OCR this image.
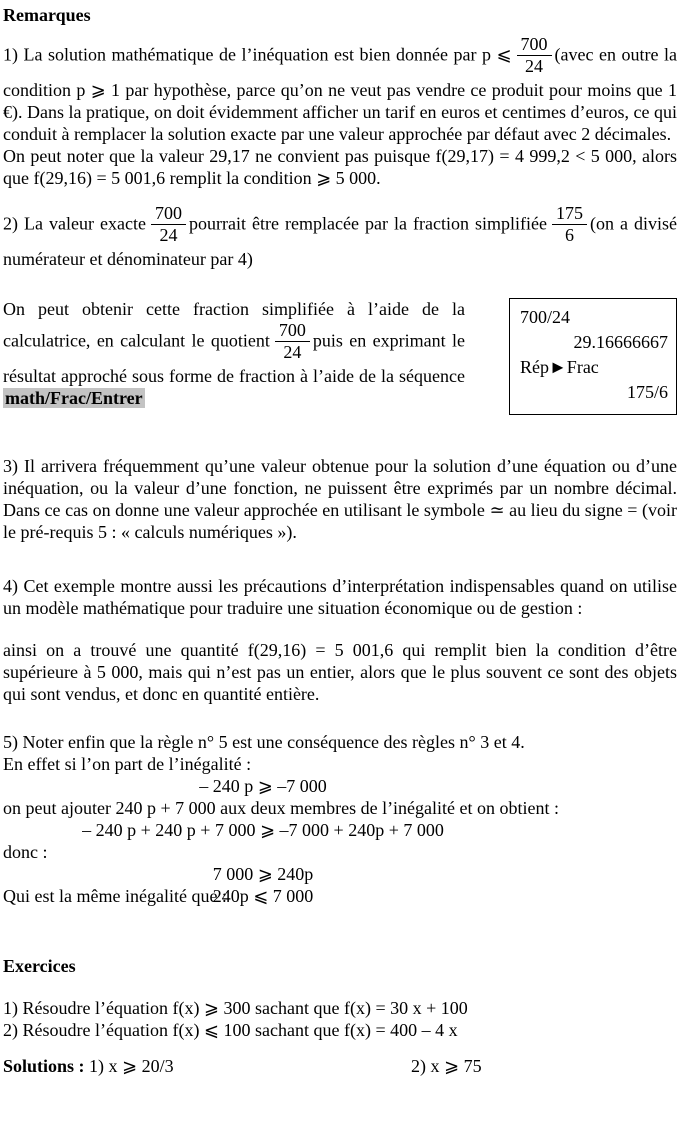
Remarques

1) La solution mathématique de l’inéquation est bien donnée par p ⩽ $\frac{700}{24}$ (avec en outre la condition p ⩾ 1 par hypothèse, parce qu’on ne veut pas vendre ce produit pour moins que 1 €). Dans la pratique, on doit évidemment afficher un tarif en euros et centimes d’euros, ce qui conduit à remplacer la solution exacte par une valeur approchée par défaut avec 2 décimales.

On peut noter que la valeur 29,17 ne convient pas puisque f(29,17) = 4 999,2 < 5 000, alors que f(29,16) = 5 001,6 remplit la condition ⩾ 5 000.

2) La valeur exacte $\frac{700}{24}$ pourrait être remplacée par la fraction simplifiée $\frac{175}{6} (on$ a divisé numérateur et dénominateur par 4)

On peut obtenir cette fraction simplifiée à l’aide de la calculatrice, en calculant le quotient $\frac{700}{24}$ puis en exprimant le résultat approché sous forme de fraction à l’aide de la séquence math/Frac/Entrer

700/24
29.16666667
Rép►Frac
175/6

3) Il arrivera fréquemment qu’une valeur obtenue pour la solution d’une équation ou d’une inéquation, ou la valeur d’une fonction, ne puissent être exprimés par un nombre décimal. Dans ce cas on donne une valeur approchée en utilisant le symbole ≃ au lieu du signe = (voir le pré-requis 5 : « calculs numériques »).

4) Cet exemple montre aussi les précautions d’interprétation indispensables quand on utilise un modèle mathématique pour traduire une situation économique ou de gestion :

ainsi on a trouvé une quantité f(29,16) = 5 001,6 qui remplit bien la condition d’être supérieure à 5 000, mais qui n’est pas un entier, alors que le plus souvent ce sont des objets qui sont vendus, et donc en quantité entière.

5) Noter enfin que la règle n° 5 est une conséquence des règles n° 3 et 4.

En effet si l’on part de l’inégalité :

– 240 p ⩾ –7 000

on peut ajouter 240 p + 7 000 aux deux membres de l’inégalité et on obtient :

– 240 p + 240 p + 7 000 ⩾ –7 000 + 240p + 7 000

donc :

7 000 ⩾ 240p
Qui est la même inégalité que :
240p ⩽ 7 000
Exercices

1) Résoudre l’équation f(x) ⩾ 300 sachant que f(x) = 30 x + 100

2) Résoudre l’équation f(x) ⩽ 100 sachant que f(x) = 400 – 4 x

Solutions : 1) x ⩾ 20/3	2) x ⩾ 75
